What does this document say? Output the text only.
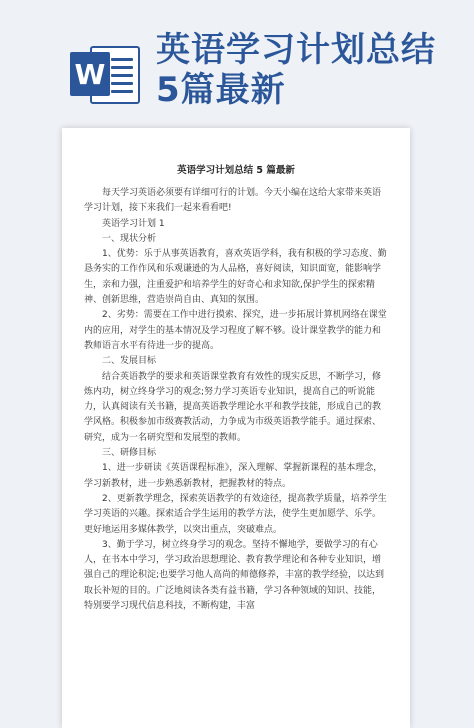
W
英语学习计划总结
5篇最新
英语学习计划总结 5 篇最新

每天学习英语必须要有详细可行的计划。今天小编在这给大家带来英语学习计划，接下来我们一起来看看吧!

英语学习计划 1

一、现状分析

1、优势：乐于从事英语教育，喜欢英语学科，我有积极的学习态度、勤恳务实的工作作风和乐观谦逊的为人品格，喜好阅读，知识面宽，能影响学生，亲和力强，注重爱护和培养学生的好奇心和求知欲,保护学生的探索精神、创新思维，营造崇尚自由、真知的氛围。

2、劣势：需要在工作中进行摸索、探究，进一步拓展计算机网络在课堂内的应用，对学生的基本情况及学习程度了解不够。设计课堂教学的能力和教师语言水平有待进一步的提高。

二、发展目标

结合英语教学的要求和英语课堂教育有效性的现实反思，不断学习，修炼内功，树立终身学习的观念;努力学习英语专业知识，提高自己的听说能力，认真阅读有关书籍，提高英语教学理论水平和教学技能，形成自己的教学风格。积极参加市级赛教活动，力争成为市级英语教学能手。通过探索、研究，成为一名研究型和发展型的教师。

三、研修目标

1、进一步研读《英语课程标准》，深入理解、掌握新课程的基本理念，学习新教材，进一步熟悉新教材，把握教材的特点。

2、更新教学理念，探索英语教学的有效途径，提高教学质量，培养学生学习英语的兴趣。探索适合学生运用的教学方法，使学生更加愿学、乐学。更好地运用多媒体教学，以突出重点，突破难点。

3、勤于学习，树立终身学习的观念。坚持不懈地学，要做学习的有心人，在书本中学习，学习政治思想理论、教育教学理论和各种专业知识，增强自己的理论积淀;也要学习他人高尚的师德修养，丰富的教学经验，以达到取长补短的目的。广泛地阅读各类有益书籍，学习各种领域的知识、技能，特别要学习现代信息科技，不断构建，丰富
